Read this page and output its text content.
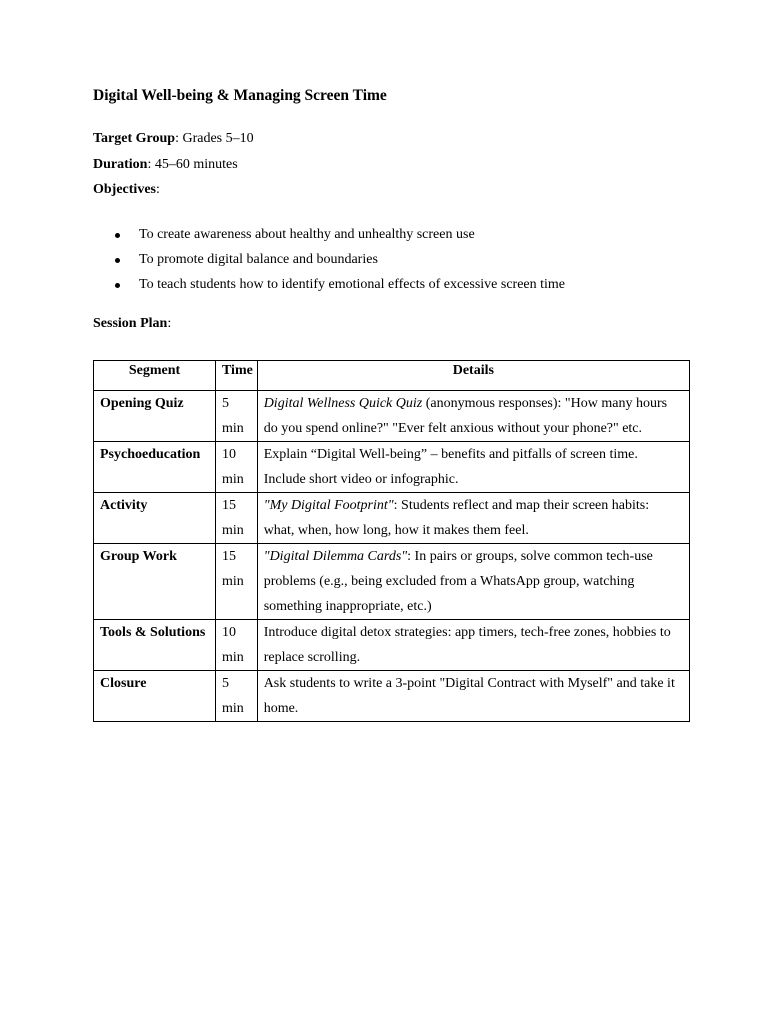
Digital Well-being & Managing Screen Time
Target Group: Grades 5–10
Duration: 45–60 minutes
Objectives:
To create awareness about healthy and unhealthy screen use
To promote digital balance and boundaries
To teach students how to identify emotional effects of excessive screen time
Session Plan:
Segment	Time	Details
Opening Quiz	5 min	Digital Wellness Quick Quiz (anonymous responses): "How many hours do you spend online?" "Ever felt anxious without your phone?" etc.
Psychoeducation	10 min	Explain “Digital Well-being” – benefits and pitfalls of screen time. Include short video or infographic.
Activity	15 min	"My Digital Footprint": Students reflect and map their screen habits: what, when, how long, how it makes them feel.
Group Work	15 min	"Digital Dilemma Cards": In pairs or groups, solve common tech-use problems (e.g., being excluded from a WhatsApp group, watching something inappropriate, etc.)
Tools & Solutions	10 min	Introduce digital detox strategies: app timers, tech-free zones, hobbies to replace scrolling.
Closure	5 min	Ask students to write a 3-point "Digital Contract with Myself" and take it home.
